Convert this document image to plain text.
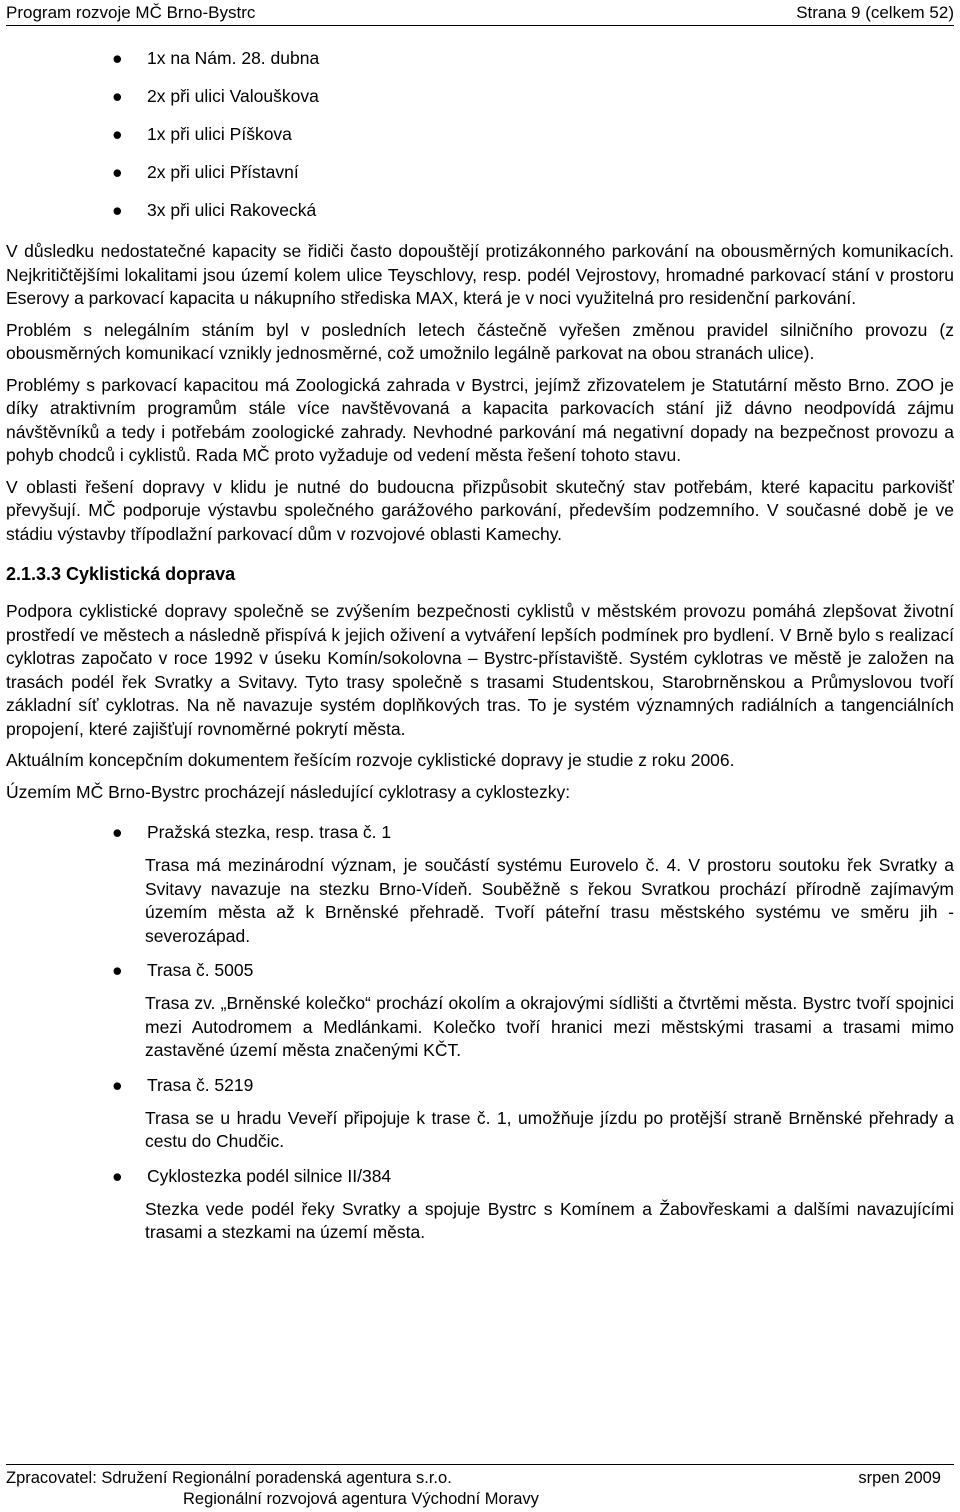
Program rozvoje MČ Brno-Bystrc	Strana 9 (celkem 52)
● 1x na Nám. 28. dubna
● 2x při ulici Valouškova
● 1x při ulici Píškova
● 2x při ulici Přístavní
● 3x při ulici Rakovecká

V důsledku nedostatečné kapacity se řidiči často dopouštějí protizákonného parkování na obousměrných komunikacích. Nejkritičtějšími lokalitami jsou území kolem ulice Teyschlovy, resp. podél Vejrostovy, hromadné parkovací stání v prostoru Eserovy a parkovací kapacita u nákupního střediska MAX, která je v noci využitelná pro residenční parkování.

Problém s nelegálním stáním byl v posledních letech částečně vyřešen změnou pravidel silničního provozu (z obousměrných komunikací vznikly jednosměrné, což umožnilo legálně parkovat na obou stranách ulice).

Problémy s parkovací kapacitou má Zoologická zahrada v Bystrci, jejímž zřizovatelem je Statutární město Brno. ZOO je díky atraktivním programům stále více navštěvovaná a kapacita parkovacích stání již dávno neodpovídá zájmu návštěvníků a tedy i potřebám zoologické zahrady. Nevhodné parkování má negativní dopady na bezpečnost provozu a pohyb chodců i cyklistů. Rada MČ proto vyžaduje od vedení města řešení tohoto stavu.

V oblasti řešení dopravy v klidu je nutné do budoucna přizpůsobit skutečný stav potřebám, které kapacitu parkovišť převyšují. MČ podporuje výstavbu společného garážového parkování, především podzemního. V současné době je ve stádiu výstavby třípodlažní parkovací dům v rozvojové oblasti Kamechy.

2.1.3.3 Cyklistická doprava

Podpora cyklistické dopravy společně se zvýšením bezpečnosti cyklistů v městském provozu pomáhá zlepšovat životní prostředí ve městech a následně přispívá k jejich oživení a vytváření lepších podmínek pro bydlení. V Brně bylo s realizací cyklotras započato v roce 1992 v úseku Komín/sokolovna – Bystrc-přístaviště. Systém cyklotras ve městě je založen na trasách podél řek Svratky a Svitavy. Tyto trasy společně s trasami Studentskou, Starobrněnskou a Průmyslovou tvoří základní síť cyklotras. Na ně navazuje systém doplňkových tras. To je systém významných radiálních a tangenciálních propojení, které zajišťují rovnoměrné pokrytí města.

Aktuálním koncepčním dokumentem řešícím rozvoje cyklistické dopravy je studie z roku 2006.

Územím MČ Brno-Bystrc procházejí následující cyklotrasy a cyklostezky:

● Pražská stezka, resp. trasa č. 1
Trasa má mezinárodní význam, je součástí systému Eurovelo č. 4. V prostoru soutoku řek Svratky a Svitavy navazuje na stezku Brno-Vídeň. Souběžně s řekou Svratkou prochází přírodně zajímavým územím města až k Brněnské přehradě. Tvoří páteřní trasu městského systému ve směru jih - severozápad.
● Trasa č. 5005
Trasa zv. „Brněnské kolečko“ prochází okolím a okrajovými sídlišti a čtvrtěmi města. Bystrc tvoří spojnici mezi Autodromem a Medlánkami. Kolečko tvoří hranici mezi městskými trasami a trasami mimo zastavěné území města značenými KČT.
● Trasa č. 5219
Trasa se u hradu Veveří připojuje k trase č. 1, umožňuje jízdu po protější straně Brněnské přehrady a cestu do Chudčic.
● Cyklostezka podél silnice II/384
Stezka vede podél řeky Svratky a spojuje Bystrc s Komínem a Žabovřeskami a dalšími navazujícími trasami a stezkami na území města.
Zpracovatel: Sdružení Regionální poradenská agentura s.r.o.	srpen 2009
Regionální rozvojová agentura Východní Moravy
